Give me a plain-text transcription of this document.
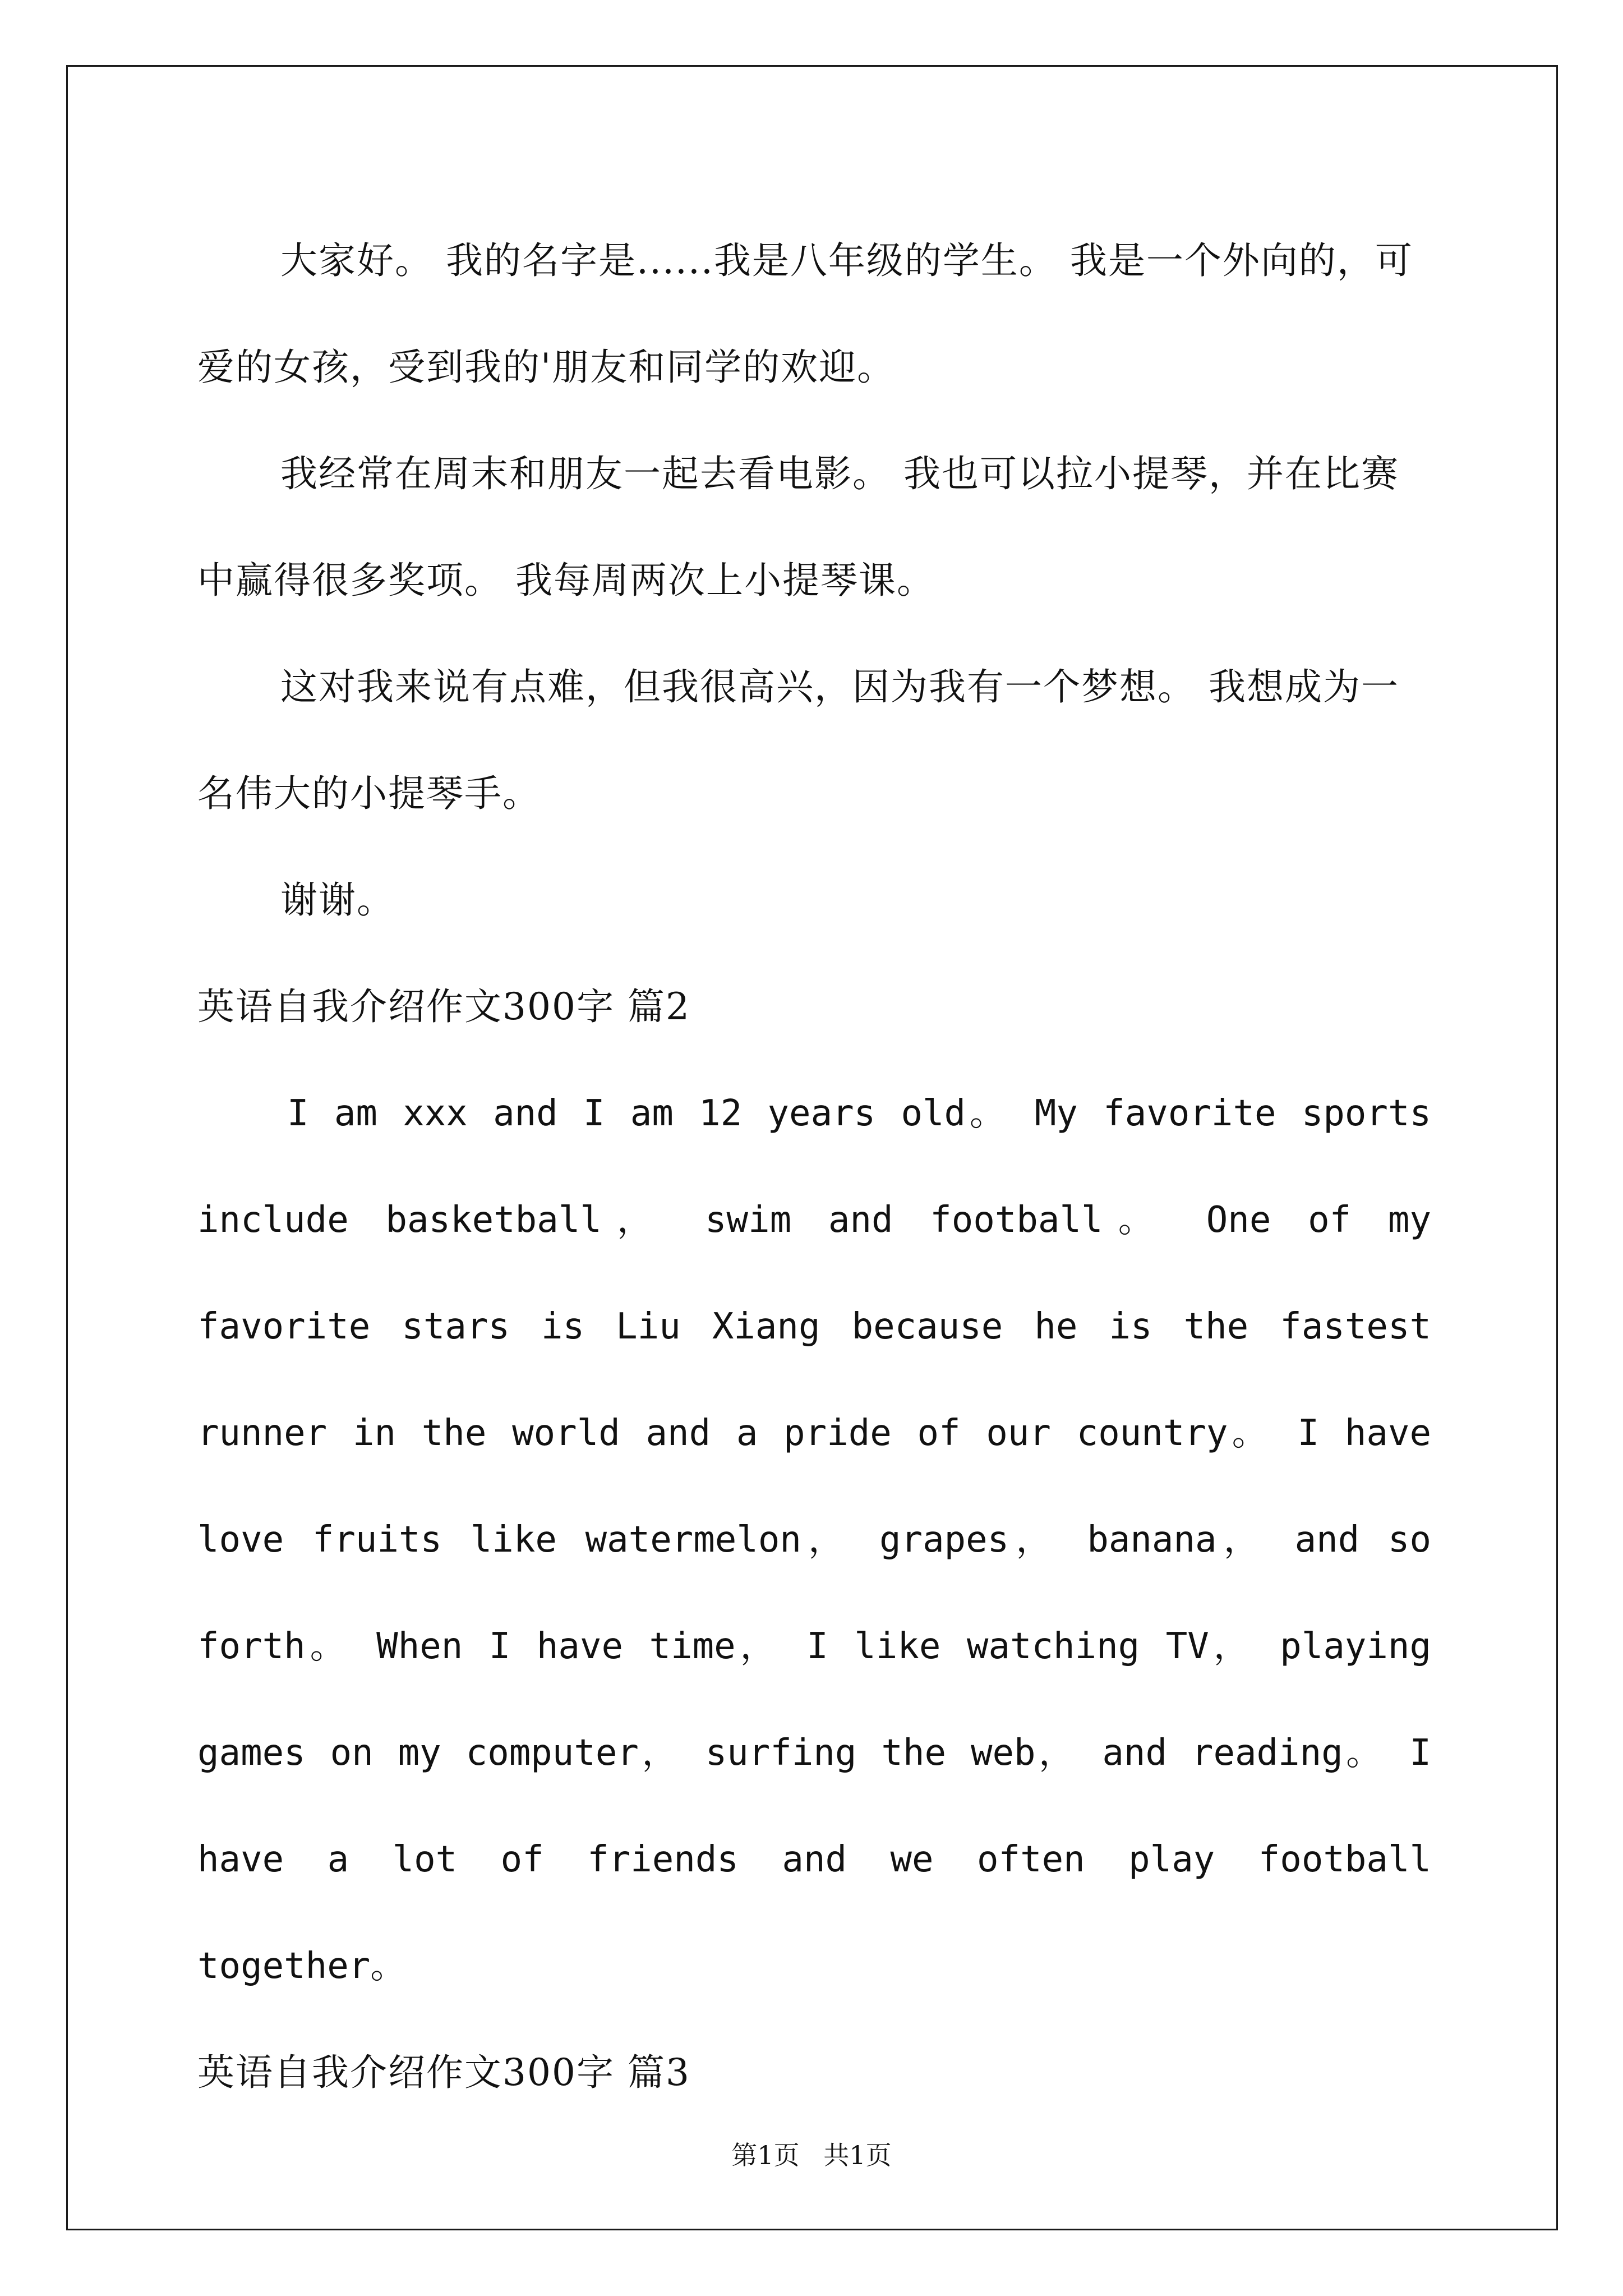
大家好。 我的名字是......我是八年级的学生。 我是一个外向的，可爱的女孩，受到我的'朋友和同学的欢迎。

我经常在周末和朋友一起去看电影。 我也可以拉小提琴，并在比赛中赢得很多奖项。 我每周两次上小提琴课。

这对我来说有点难，但我很高兴，因为我有一个梦想。 我想成为一名伟大的小提琴手。

谢谢。

英语自我介绍作文300字 篇2

I am xxx and I am 12 years old。 My favorite sports include basketball， swim and football。 One of my favorite stars is Liu Xiang because he is the fastest runner in the world and a pride of our country。 I have love fruits like watermelon， grapes， banana， and so forth。 When I have time， I like watching TV， playing games on my computer， surfing the web， and reading。 I have a lot of friends and we often play football together。

英语自我介绍作文300字 篇3

第1页 共1页
